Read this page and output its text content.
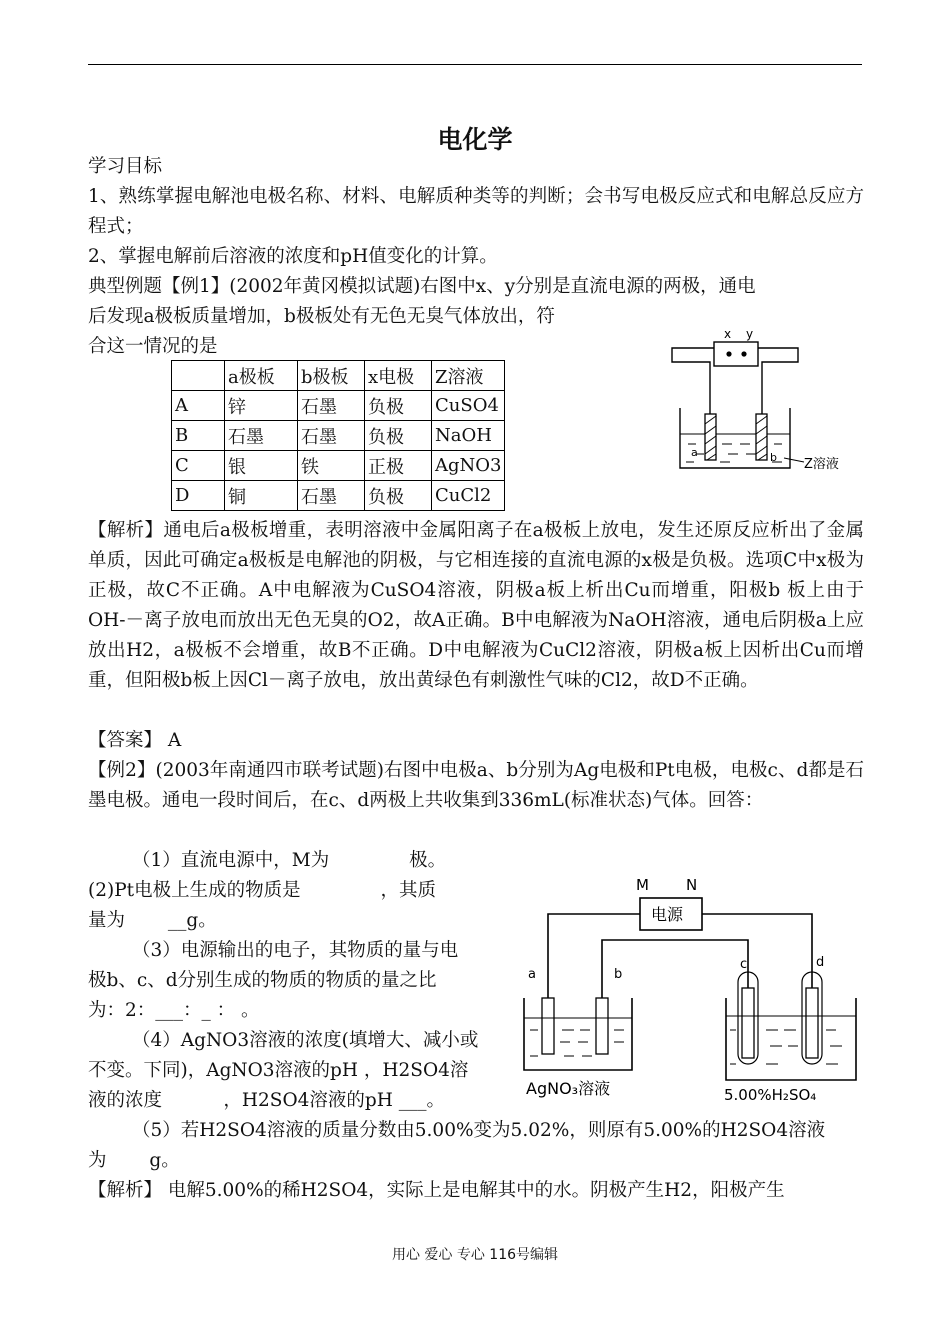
电化学
学习目标
1、熟练掌握电解池电极名称、材料、电解质种类等的判断；会书写电极反应式和电解总反应方程式；
2、掌握电解前后溶液的浓度和pH值变化的计算。
典型例题【例1】(2002年黄冈模拟试题)右图中x、y分别是直流电源的两极，通电
后发现a极板质量增加，b极板处有无色无臭气体放出，符
合这一情况的是
	a极板	b极板	x电极	Z溶液
A	锌	石墨	负极	CuSO4
B	石墨	石墨	负极	NaOH
C	银	铁	正极	AgNO3
D	铜	石墨	负极	CuCl2
x y
a	b Z溶液
【解析】通电后a极板增重，表明溶液中金属阳离子在a极板上放电，发生还原反应析出了金属单质，因此可确定a极板是电解池的阴极，与它相连接的直流电源的x极是负极。选项C中x极为正极，故C不正确。A中电解液为CuSO4溶液，阴极a板上析出Cu而增重，阳极b 板上由于OH-－离子放电而放出无色无臭的O2，故A正确。B中电解液为NaOH溶液，通电后阴极a上应放出H2，a极板不会增重，故B不正确。D中电解液为CuCl2溶液，阴极a板上因析出Cu而增重，但阳极b板上因Cl－离子放电，放出黄绿色有刺激性气味的Cl2，故D不正确。
【答案】 A
【例2】(2003年南通四市联考试题)右图中电极a、b分别为Ag电极和Pt电极，电极c、d都是石墨电极。通电一段时间后，在c、d两极上共收集到336mL(标准状态)气体。回答：
（1）直流电源中，M为 　　　　极。
(2)Pt电极上生成的物质是 　　　　，其质
量为 　　__g。
（3）电源输出的电子，其物质的量与电
极b、c、d分别生成的物质的物质的量之比
为：2：___：_ ： 。
（4）AgNO3溶液的浓度(填增大、减小或
不变。下同)，AgNO3溶液的pH ，H2SO4溶
液的浓度 　　　，H2SO4溶液的pH ___。
（5）若H2SO4溶液的质量分数由5.00%变为5.02%，则原有5.00%的H2SO4溶液
为 　　g。
【解析】 电解5.00%的稀H2SO4，实际上是电解其中的水。阴极产生H2，阳极产生
M N
电源
a	b
AgNO₃溶液
c	d
5.00%H₂SO₄
用心 爱心 专心 116号编辑
